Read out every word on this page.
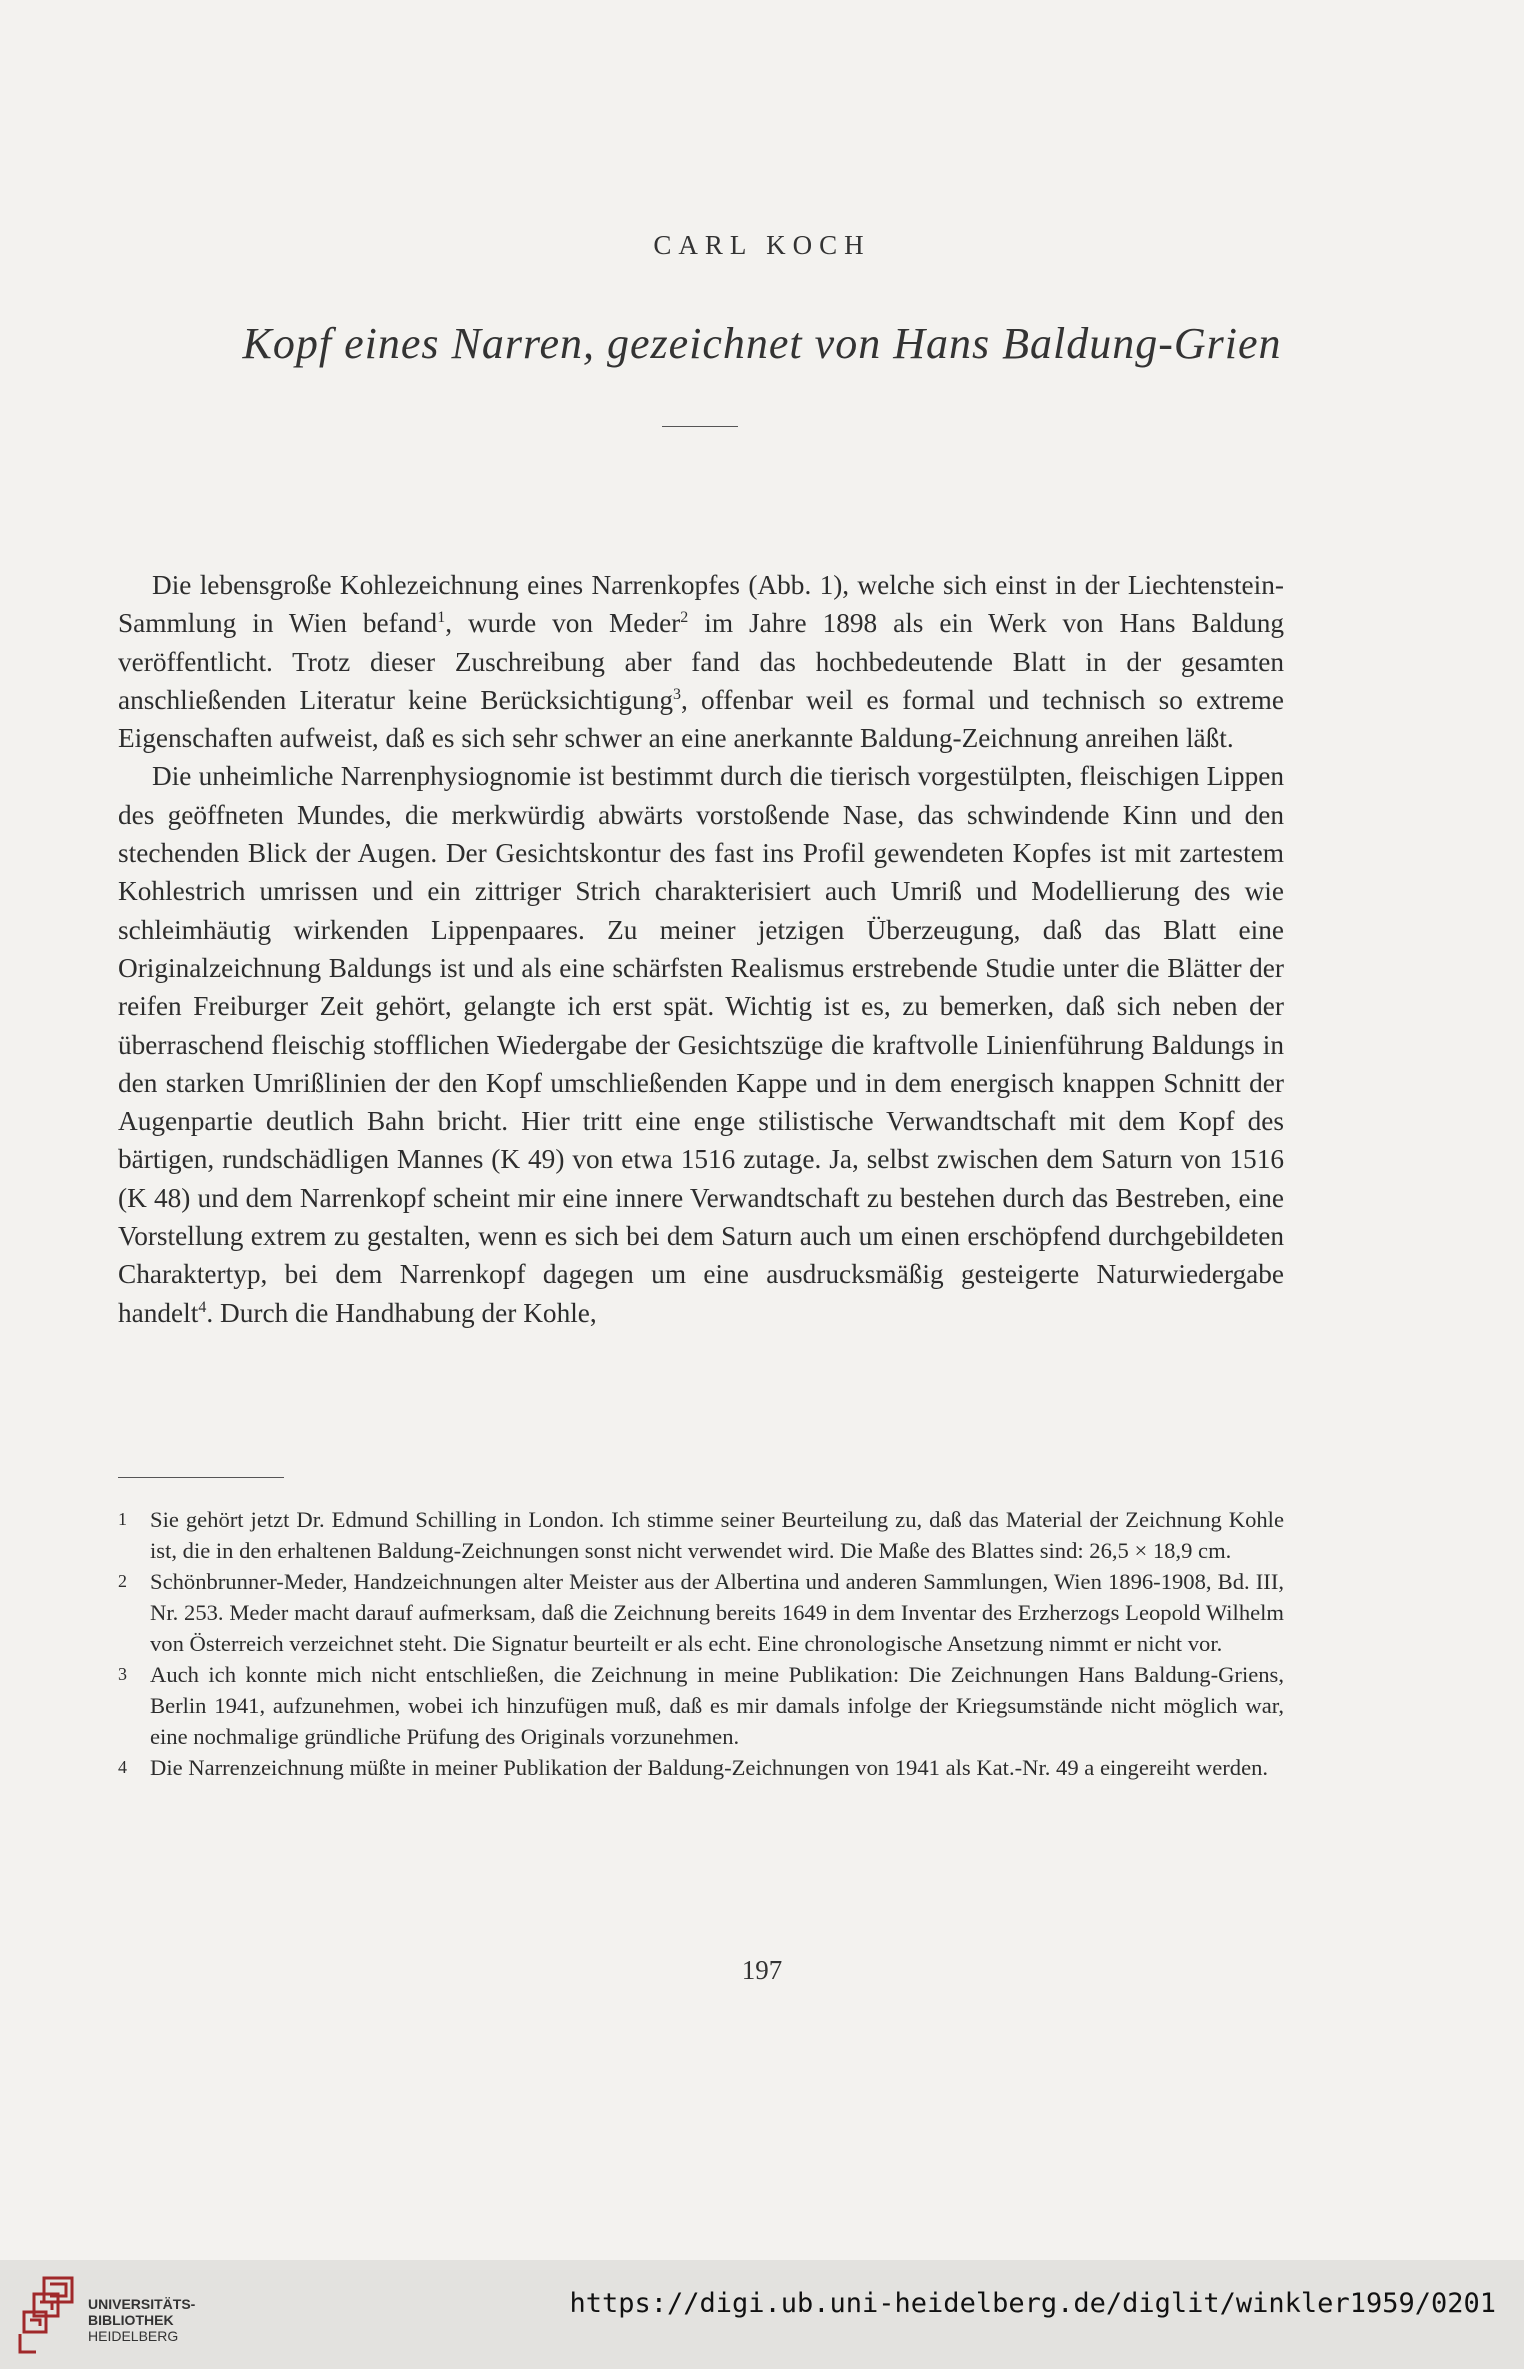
CARL KOCH
Kopf eines Narren, gezeichnet von Hans Baldung-Grien

Die lebensgroße Kohlezeichnung eines Narrenkopfes (Abb. 1), welche sich einst in der Liechtenstein-Sammlung in Wien befand$^1$, wurde von Meder$^2$ im Jahre 1898 als ein Werk von Hans Baldung veröffentlicht. Trotz dieser Zuschreibung aber fand das hochbedeutende Blatt in der gesamten anschließenden Literatur keine Berücksichtigung$^3$, offenbar weil es formal und technisch so extreme Eigenschaften aufweist, daß es sich sehr schwer an eine anerkannte Baldung-Zeichnung anreihen läßt.

Die unheimliche Narrenphysiognomie ist bestimmt durch die tierisch vorgestülpten, fleischigen Lippen des geöffneten Mundes, die merkwürdig abwärts vorstoßende Nase, das schwindende Kinn und den stechenden Blick der Augen. Der Gesichtskontur des fast ins Profil gewendeten Kopfes ist mit zartestem Kohlestrich umrissen und ein zittriger Strich charakterisiert auch Umriß und Modellierung des wie schleimhäutig wirkenden Lippenpaares. Zu meiner jetzigen Überzeugung, daß das Blatt eine Originalzeichnung Baldungs ist und als eine schärfsten Realismus erstrebende Studie unter die Blätter der reifen Freiburger Zeit gehört, gelangte ich erst spät. Wichtig ist es, zu bemerken, daß sich neben der überraschend fleischig stofflichen Wiedergabe der Gesichtszüge die kraftvolle Linienführung Baldungs in den starken Umrißlinien der den Kopf umschließenden Kappe und in dem energisch knappen Schnitt der Augenpartie deutlich Bahn bricht. Hier tritt eine enge stilistische Verwandtschaft mit dem Kopf des bärtigen, rundschädligen Mannes (K 49) von etwa 1516 zutage. Ja, selbst zwischen dem Saturn von 1516 (K 48) und dem Narrenkopf scheint mir eine innere Verwandtschaft zu bestehen durch das Bestreben, eine Vorstellung extrem zu gestalten, wenn es sich bei dem Saturn auch um einen erschöpfend durchgebildeten Charaktertyp, bei dem Narrenkopf dagegen um eine ausdrucksmäßig gesteigerte Naturwiedergabe handelt$^4$. Durch die Handhabung der Kohle,

1 Sie gehört jetzt Dr. Edmund Schilling in London. Ich stimme seiner Beurteilung zu, daß das Material der Zeichnung Kohle ist, die in den erhaltenen Baldung-Zeichnungen sonst nicht verwendet wird. Die Maße des Blattes sind: 26,5 × 18,9 cm.

2 Schönbrunner-Meder, Handzeichnungen alter Meister aus der Albertina und anderen Sammlungen, Wien 1896-1908, Bd. III, Nr. 253. Meder macht darauf aufmerksam, daß die Zeichnung bereits 1649 in dem Inventar des Erzherzogs Leopold Wilhelm von Österreich verzeichnet steht. Die Signatur beurteilt er als echt. Eine chronologische Ansetzung nimmt er nicht vor.

3 Auch ich konnte mich nicht entschließen, die Zeichnung in meine Publikation: Die Zeichnungen Hans Baldung-Griens, Berlin 1941, aufzunehmen, wobei ich hinzufügen muß, daß es mir damals infolge der Kriegsumstände nicht möglich war, eine nochmalige gründliche Prüfung des Originals vorzunehmen.

4 Die Narrenzeichnung müßte in meiner Publikation der Baldung-Zeichnungen von 1941 als Kat.-Nr. 49 a eingereiht werden.

197
UNIVERSITÄTS-
BIBLIOTHEK
HEIDELBERG
https://digi.ub.uni-heidelberg.de/diglit/winkler1959/0201
